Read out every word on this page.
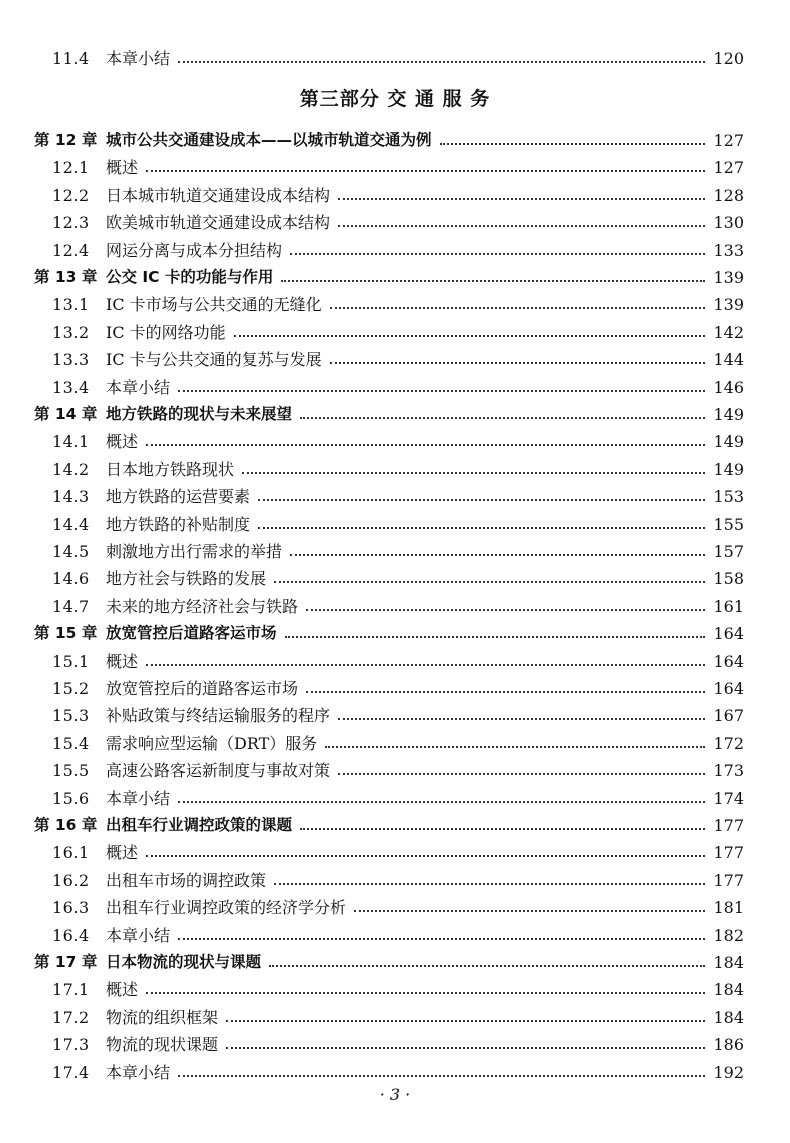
11.4 本章小结	120
第三部分 交 通 服 务
第 12 章 城市公共交通建设成本——以城市轨道交通为例	127
12.1 概述	127
12.2 日本城市轨道交通建设成本结构	128
12.3 欧美城市轨道交通建设成本结构	130
12.4 网运分离与成本分担结构	133
第 13 章 公交 IC 卡的功能与作用	139
13.1 IC 卡市场与公共交通的无缝化	139
13.2 IC 卡的网络功能	142
13.3 IC 卡与公共交通的复苏与发展	144
13.4 本章小结	146
第 14 章 地方铁路的现状与未来展望	149
14.1 概述	149
14.2 日本地方铁路现状	149
14.3 地方铁路的运营要素	153
14.4 地方铁路的补贴制度	155
14.5 刺激地方出行需求的举措	157
14.6 地方社会与铁路的发展	158
14.7 未来的地方经济社会与铁路	161
第 15 章 放宽管控后道路客运市场	164
15.1 概述	164
15.2 放宽管控后的道路客运市场	164
15.3 补贴政策与终结运输服务的程序	167
15.4 需求响应型运输（DRT）服务	172
15.5 高速公路客运新制度与事故对策	173
15.6 本章小结	174
第 16 章 出租车行业调控政策的课题	177
16.1 概述	177
16.2 出租车市场的调控政策	177
16.3 出租车行业调控政策的经济学分析	181
16.4 本章小结	182
第 17 章 日本物流的现状与课题	184
17.1 概述	184
17.2 物流的组织框架	184
17.3 物流的现状课题	186
17.4 本章小结	192
· 3 ·
